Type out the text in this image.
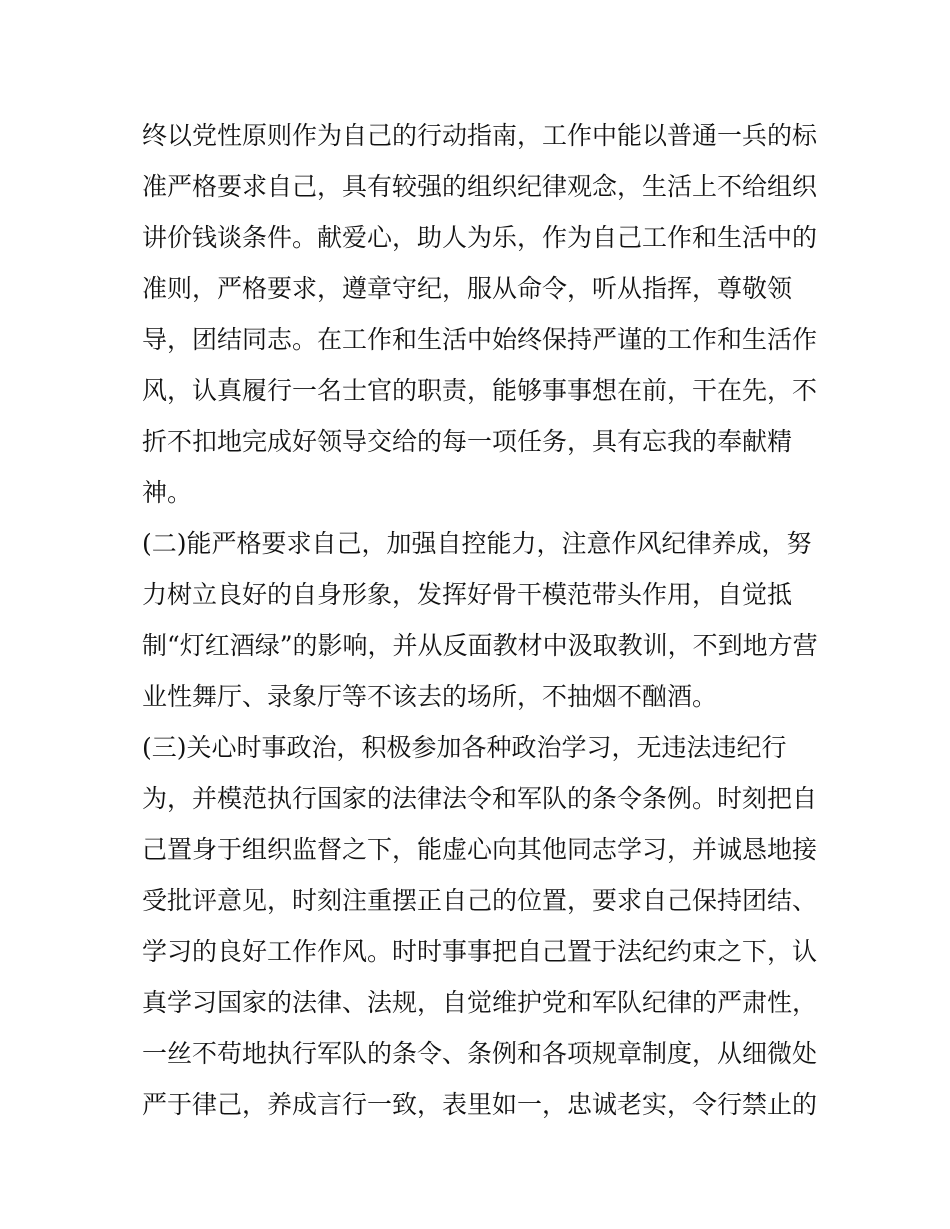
终以党性原则作为自己的行动指南，工作中能以普通一兵的标
准严格要求自己，具有较强的组织纪律观念，生活上不给组织
讲价钱谈条件。献爱心，助人为乐，作为自己工作和生活中的
准则，严格要求，遵章守纪，服从命令，听从指挥，尊敬领
导，团结同志。在工作和生活中始终保持严谨的工作和生活作
风，认真履行一名士官的职责，能够事事想在前，干在先，不
折不扣地完成好领导交给的每一项任务，具有忘我的奉献精
神。
(二)能严格要求自己，加强自控能力，注意作风纪律养成，努
力树立良好的自身形象，发挥好骨干模范带头作用，自觉抵
制“灯红酒绿”的影响，并从反面教材中汲取教训，不到地方营
业性舞厅、录象厅等不该去的场所，不抽烟不酗酒。
(三)关心时事政治，积极参加各种政治学习，无违法违纪行
为，并模范执行国家的法律法令和军队的条令条例。时刻把自
己置身于组织监督之下，能虚心向其他同志学习，并诚恳地接
受批评意见，时刻注重摆正自己的位置，要求自己保持团结、
学习的良好工作作风。时时事事把自己置于法纪约束之下，认
真学习国家的法律、法规，自觉维护党和军队纪律的严肃性，
一丝不苟地执行军队的条令、条例和各项规章制度，从细微处
严于律己，养成言行一致，表里如一，忠诚老实，令行禁止的
